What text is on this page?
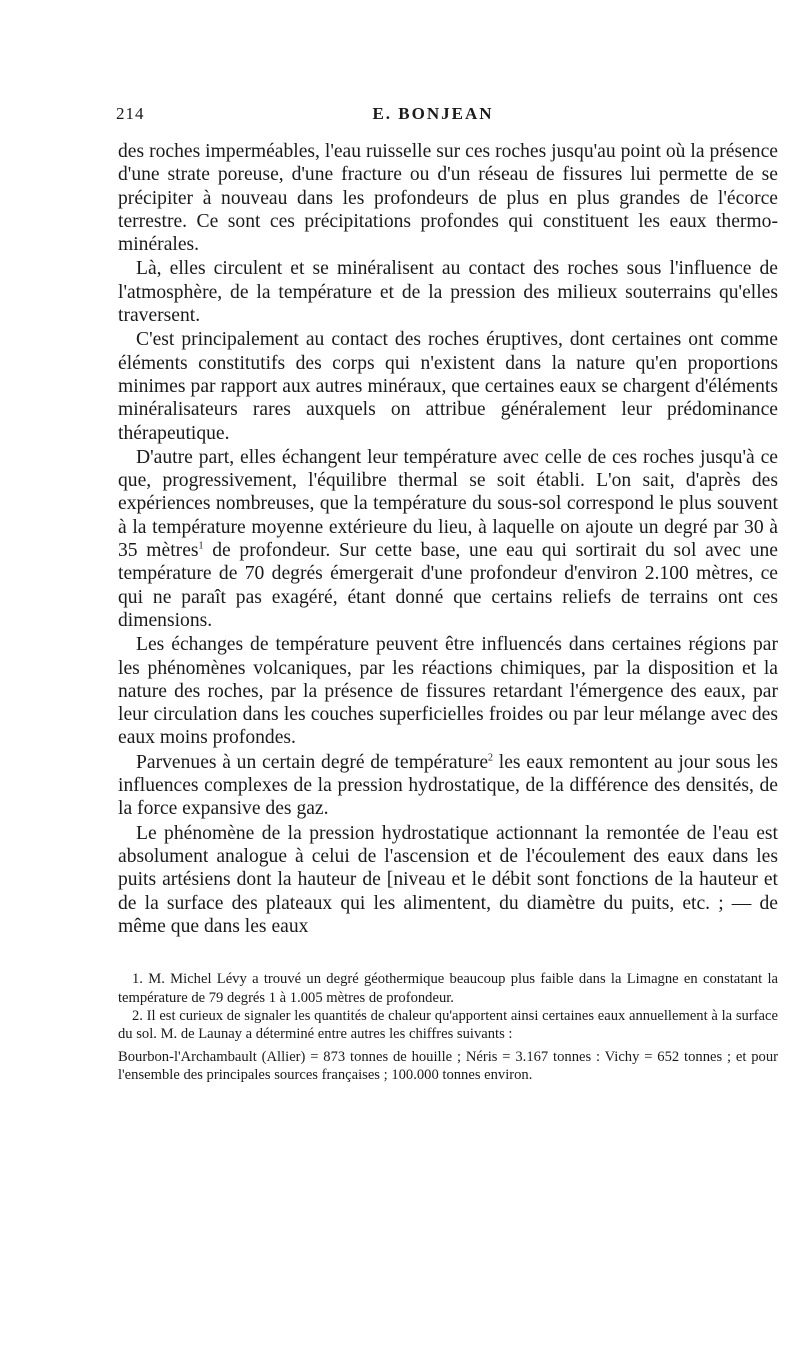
214	E. BONJEAN

des roches imperméables, l'eau ruisselle sur ces roches jusqu'au point où la présence d'une strate poreuse, d'une fracture ou d'un réseau de fissures lui permette de se précipiter à nouveau dans les profondeurs de plus en plus grandes de l'écorce terrestre. Ce sont ces précipitations profondes qui constituent les eaux thermo-minérales.

Là, elles circulent et se minéralisent au contact des roches sous l'influence de l'atmosphère, de la température et de la pression des milieux souterrains qu'elles traversent.

C'est principalement au contact des roches éruptives, dont certaines ont comme éléments constitutifs des corps qui n'existent dans la nature qu'en proportions minimes par rapport aux autres minéraux, que certaines eaux se chargent d'éléments minéralisateurs rares auxquels on attribue généralement leur prédominance thérapeutique.

D'autre part, elles échangent leur température avec celle de ces roches jusqu'à ce que, progressivement, l'équilibre thermal se soit établi. L'on sait, d'après des expériences nombreuses, que la température du sous-sol correspond le plus souvent à la température moyenne extérieure du lieu, à laquelle on ajoute un degré par 30 à 35 mètres$^1$ de profondeur. Sur cette base, une eau qui sortirait du sol avec une température de 70 degrés émergerait d'une profondeur d'environ 2.100 mètres, ce qui ne paraît pas exagéré, étant donné que certains reliefs de terrains ont ces dimensions.

Les échanges de température peuvent être influencés dans certaines régions par les phénomènes volcaniques, par les réactions chimiques, par la disposition et la nature des roches, par la présence de fissures retardant l'émergence des eaux, par leur circulation dans les couches superficielles froides ou par leur mélange avec des eaux moins profondes.

Parvenues à un certain degré de température$^2$ les eaux remontent au jour sous les influences complexes de la pression hydrostatique, de la différence des densités, de la force expansive des gaz.

Le phénomène de la pression hydrostatique actionnant la remontée de l'eau est absolument analogue à celui de l'ascension et de l'écoulement des eaux dans les puits artésiens dont la hauteur de [niveau et le débit sont fonctions de la hauteur et de la surface des plateaux qui les alimentent, du diamètre du puits, etc. ; — de même que dans les eaux

1. M. Michel Lévy a trouvé un degré géothermique beaucoup plus faible dans la Limagne en constatant la température de 79 degrés 1 à 1.005 mètres de profondeur.

2. Il est curieux de signaler les quantités de chaleur qu'apportent ainsi certaines eaux annuellement à la surface du sol. M. de Launay a déterminé entre autres les chiffres suivants :

Bourbon-l'Archambault (Allier) = 873 tonnes de houille ; Néris = 3.167 tonnes : Vichy = 652 tonnes ; et pour l'ensemble des principales sources françaises ; 100.000 tonnes environ.
